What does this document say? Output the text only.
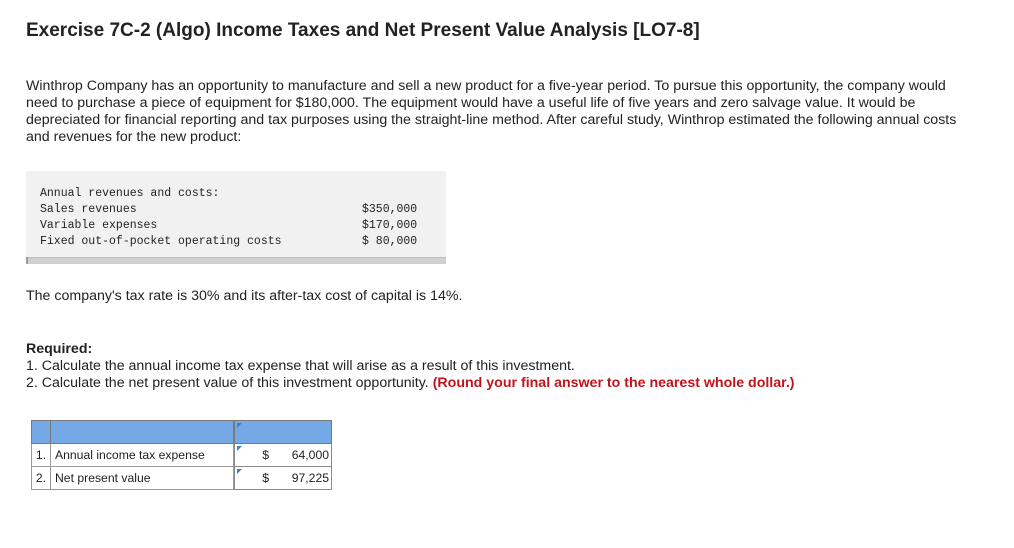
Exercise 7C-2 (Algo) Income Taxes and Net Present Value Analysis [LO7-8]

Winthrop Company has an opportunity to manufacture and sell a new product for a five-year period. To pursue this opportunity, the company would need to purchase a piece of equipment for $180,000. The equipment would have a useful life of five years and zero salvage value. It would be depreciated for financial reporting and tax purposes using the straight-line method. After careful study, Winthrop estimated the following annual costs and revenues for the new product:

Annual revenues and costs:
Sales revenues	$350,000
Variable expenses	$170,000
Fixed out-of-pocket operating costs	$ 80,000

The company's tax rate is 30% and its after-tax cost of capital is 14%.

Required:
1. Calculate the annual income tax expense that will arise as a result of this investment.
2. Calculate the net present value of this investment opportunity. (Round your final answer to the nearest whole dollar.)

1.	Annual income tax expense		$	64,000
2.	Net present value		$	97,225
